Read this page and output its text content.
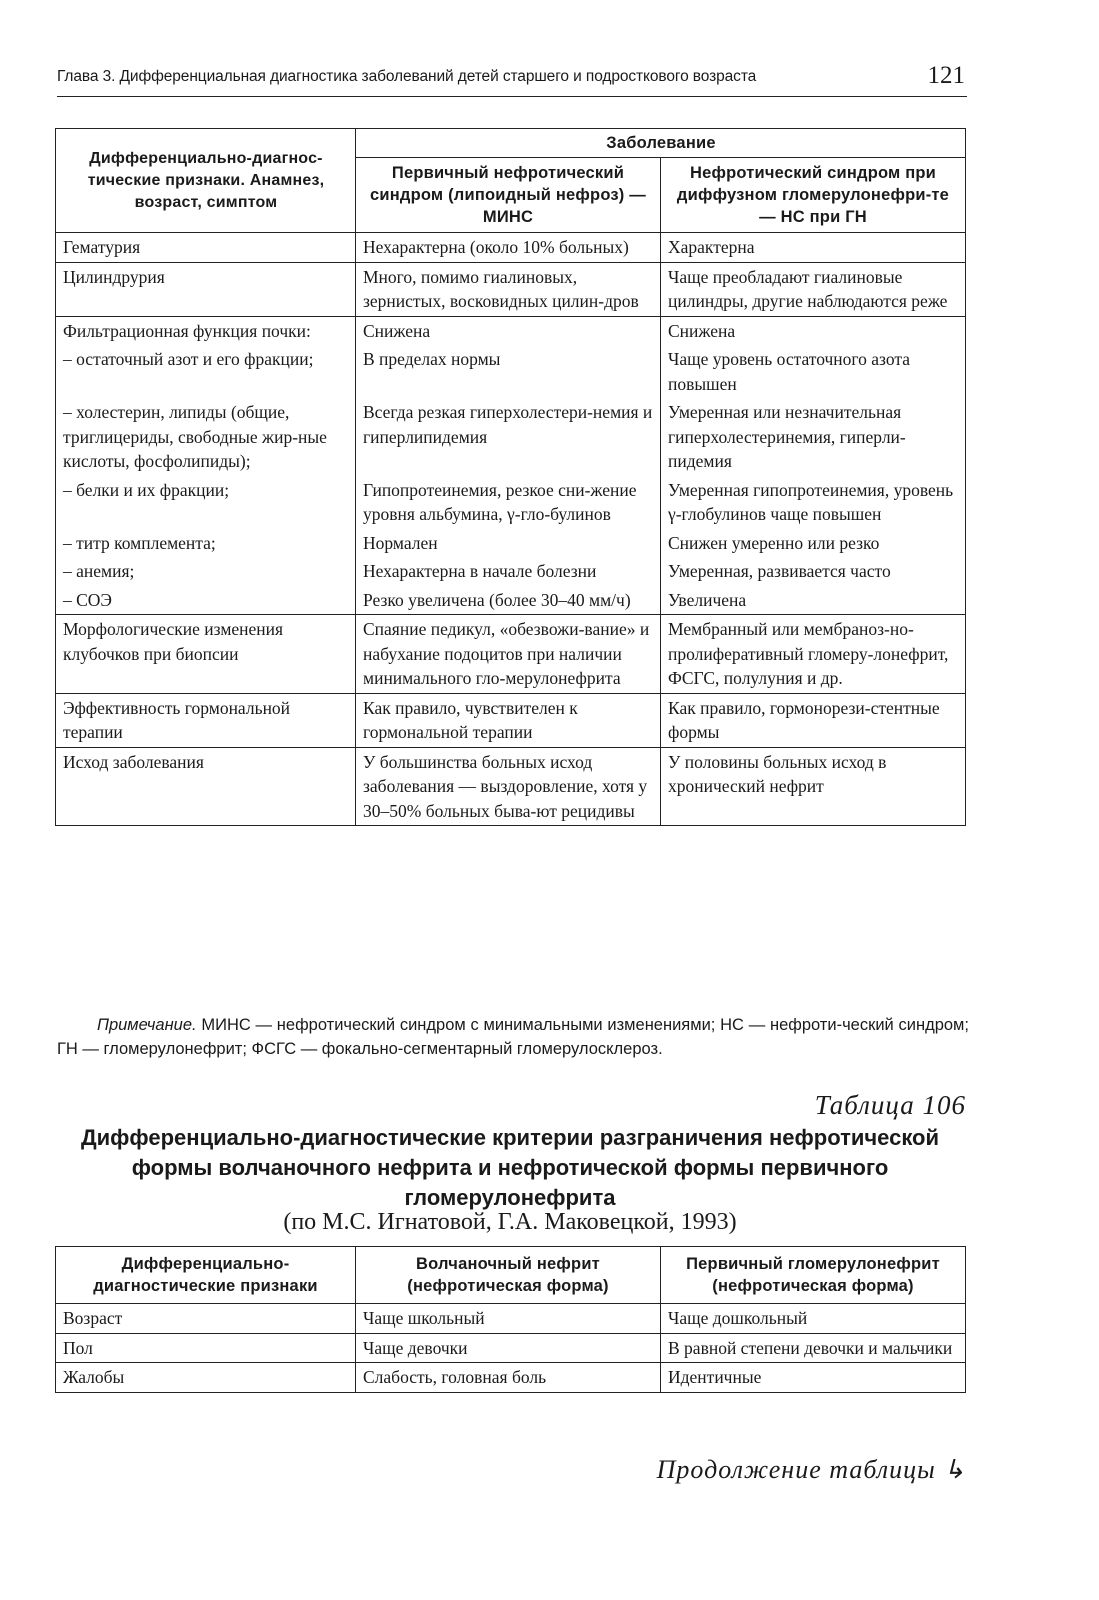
Глава 3. Дифференциальная диагностика заболеваний детей старшего и подросткового возраста	121
Дифференциально-диагнос-тические признаки. Анамнез, возраст, симптом	Заболевание	
	Первичный нефротический синдром (липоидный нефроз) — МИНС	Нефротический синдром при диффузном гломерулонефри-те — НС при ГН
Гематурия	Нехарактерна (около 10% больных)	Характерна
Цилиндрурия	Много, помимо гиалиновых, зернистых, восковидных цилин-дров	Чаще преобладают гиалиновые цилиндры, другие наблюдаются реже
Фильтрационная функция почки:	Снижена	Снижена
– остаточный азот и его фракции;	В пределах нормы	Чаще уровень остаточного азота повышен
– холестерин, липиды (общие, триглицериды, свободные жир-ные кислоты, фосфолипиды);	Всегда резкая гиперхолестери-немия и гиперлипидемия	Умеренная или незначительная гиперхолестеринемия, гиперли-пидемия
– белки и их фракции;	Гипопротеинемия, резкое сни-жение уровня альбумина, γ-гло-булинов	Умеренная гипопротеинемия, уровень γ-глобулинов чаще повышен
– титр комплемента;	Нормален	Снижен умеренно или резко
– анемия;	Нехарактерна в начале болезни	Умеренная, развивается часто
– СОЭ	Резко увеличена (более 30–40 мм/ч)	Увеличена
Морфологические изменения клубочков при биопсии	Спаяние педикул, «обезвожи-вание» и набухание подоцитов при наличии минимального гло-мерулонефрита	Мембранный или мембраноз-но-пролиферативный гломеру-лонефрит, ФСГС, полулуния и др.
Эффективность гормональной терапии	Как правило, чувствителен к гормональной терапии	Как правило, гормонорези-стентные формы
Исход заболевания	У большинства больных исход заболевания — выздоровление, хотя у 30–50% больных быва-ют рецидивы	У половины больных исход в хронический нефрит
Примечание. МИНС — нефротический синдром с минимальными изменениями; НС — нефроти-ческий синдром; ГН — гломерулонефрит; ФСГС — фокально-сегментарный гломерулосклероз.
Таблица 106
Дифференциально-диагностические критерии разграничения нефротической формы волчаночного нефрита и нефротической формы первичного гломерулонефрита
(по М.С. Игнатовой, Г.А. Маковецкой, 1993)
Дифференциально-диагностические признаки	Волчаночный нефрит (нефротическая форма)	Первичный гломерулонефрит (нефротическая форма)
Возраст	Чаще школьный	Чаще дошкольный
Пол	Чаще девочки	В равной степени девочки и мальчики
Жалобы	Слабость, головная боль	Идентичные
Продолжение таблицы ↳
